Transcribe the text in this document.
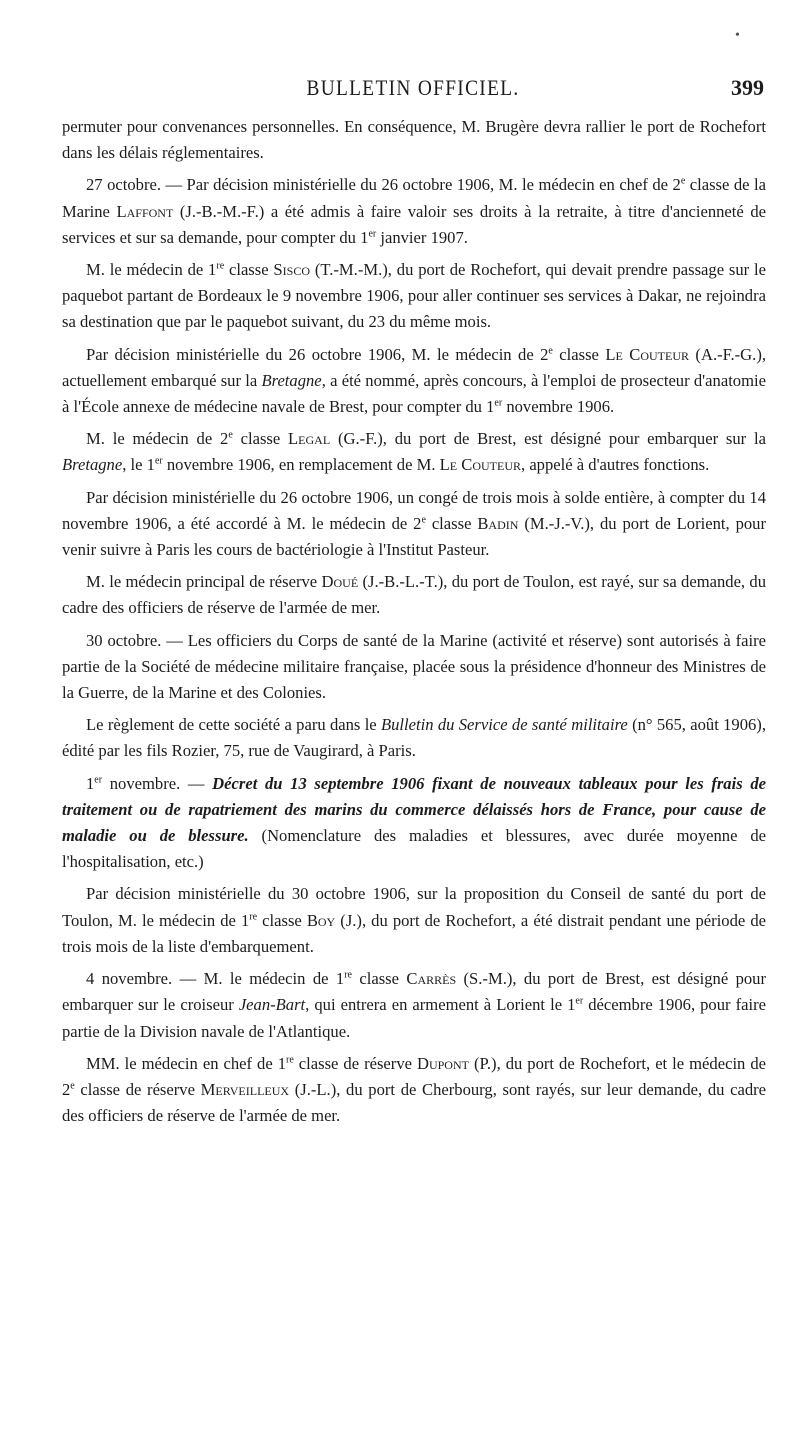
•
BULLETIN OFFICIEL.	399

permuter pour convenances personnelles. En conséquence, M. Brugère devra rallier le port de Rochefort dans les délais réglementaires.

27 octobre. — Par décision ministérielle du 26 octobre 1906, M. le médecin en chef de 2e classe de la Marine Laffont (J.-B.-M.-F.) a été admis à faire valoir ses droits à la retraite, à titre d'ancienneté de services et sur sa demande, pour compter du 1er janvier 1907.

M. le médecin de 1re classe Sisco (T.-M.-M.), du port de Rochefort, qui devait prendre passage sur le paquebot partant de Bordeaux le 9 novembre 1906, pour aller continuer ses services à Dakar, ne rejoindra sa destination que par le paquebot suivant, du 23 du même mois.

Par décision ministérielle du 26 octobre 1906, M. le médecin de 2e classe Le Couteur (A.-F.-G.), actuellement embarqué sur la Bretagne, a été nommé, après concours, à l'emploi de prosecteur d'anatomie à l'École annexe de médecine navale de Brest, pour compter du 1er novembre 1906.

M. le médecin de 2e classe Legal (G.-F.), du port de Brest, est désigné pour embarquer sur la Bretagne, le 1er novembre 1906, en remplacement de M. Le Couteur, appelé à d'autres fonctions.

Par décision ministérielle du 26 octobre 1906, un congé de trois mois à solde entière, à compter du 14 novembre 1906, a été accordé à M. le médecin de 2e classe Badin (M.-J.-V.), du port de Lorient, pour venir suivre à Paris les cours de bactériologie à l'Institut Pasteur.

M. le médecin principal de réserve Doué (J.-B.-L.-T.), du port de Toulon, est rayé, sur sa demande, du cadre des officiers de réserve de l'armée de mer.

30 octobre. — Les officiers du Corps de santé de la Marine (activité et réserve) sont autorisés à faire partie de la Société de médecine militaire française, placée sous la présidence d'honneur des Ministres de la Guerre, de la Marine et des Colonies.

Le règlement de cette société a paru dans le Bulletin du Service de santé militaire (n° 565, août 1906), édité par les fils Rozier, 75, rue de Vaugirard, à Paris.

1er novembre. — Décret du 13 septembre 1906 fixant de nouveaux tableaux pour les frais de traitement ou de rapatriement des marins du commerce délaissés hors de France, pour cause de maladie ou de blessure. (Nomenclature des maladies et blessures, avec durée moyenne de l'hospitalisation, etc.)

Par décision ministérielle du 30 octobre 1906, sur la proposition du Conseil de santé du port de Toulon, M. le médecin de 1re classe Boy (J.), du port de Rochefort, a été distrait pendant une période de trois mois de la liste d'embarquement.

4 novembre. — M. le médecin de 1re classe Carrès (S.-M.), du port de Brest, est désigné pour embarquer sur le croiseur Jean-Bart, qui entrera en armement à Lorient le 1er décembre 1906, pour faire partie de la Division navale de l'Atlantique.

MM. le médecin en chef de 1re classe de réserve Dupont (P.), du port de Rochefort, et le médecin de 2e classe de réserve Merveilleux (J.-L.), du port de Cherbourg, sont rayés, sur leur demande, du cadre des officiers de réserve de l'armée de mer.
